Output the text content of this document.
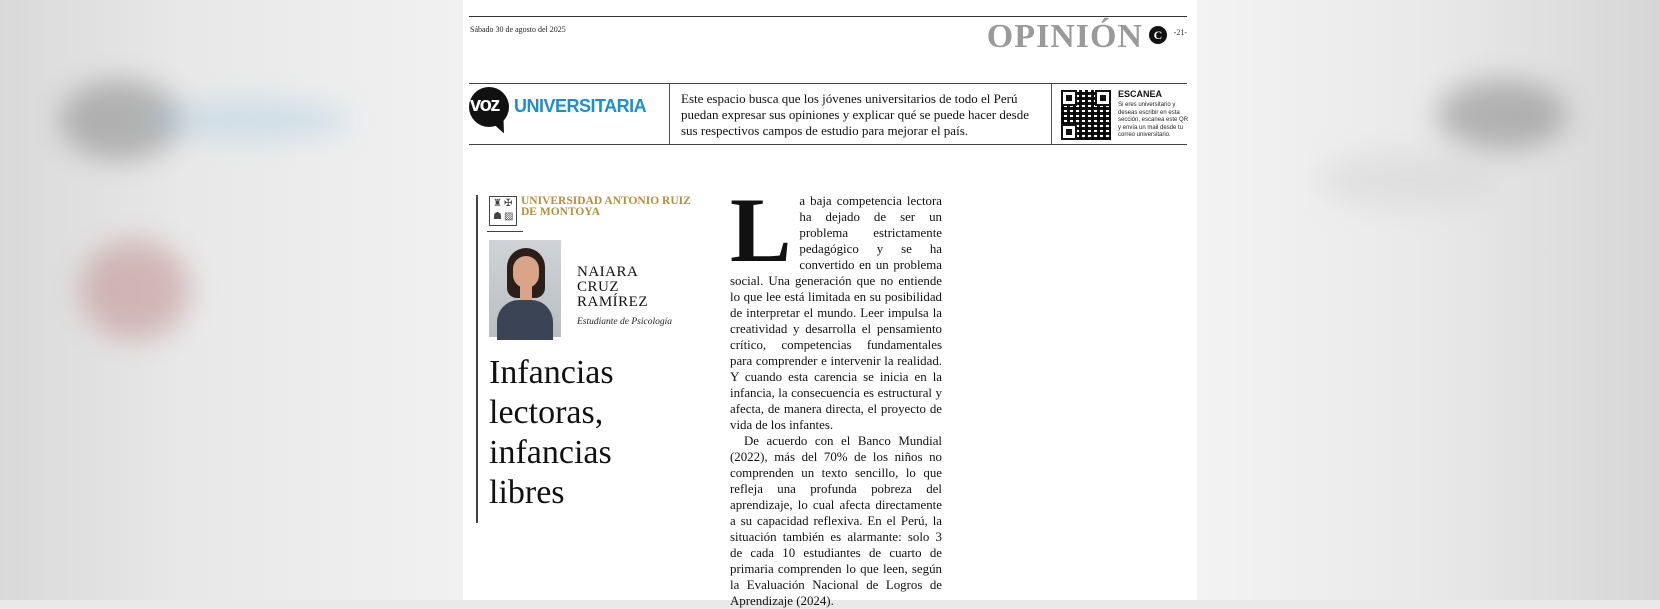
Sábado 30 de agosto del 2025	OPINIÓN C	-21-
voz UNIVERSITARIA	Este espacio busca que los jóvenes universitarios de todo el Perú puedan expresar sus opiniones y explicar qué se puede hacer desde sus respectivos campos de estudio para mejorar el país.
ESCANEA
Si eres universitario y deseas escribir en esta sección, escanea este QR y envía un mail desde tu correo universitario.
♜ ✠
☗ ▨
UNIVERSIDAD ANTONIO RUIZ DE MONTOYA
NAIARA
CRUZ
RAMÍREZ
Estudiante de Psicología
Infancias lectoras, infancias libres

La baja competencia lectora ha dejado de ser un problema estrictamente pedagógico y se ha convertido en un problema social. Una generación que no entiende lo que lee está limitada en su posibilidad de interpretar el mundo. Leer impulsa la creatividad y desarrolla el pensamiento crítico, competencias fundamentales para comprender e intervenir la realidad. Y cuando esta carencia se inicia en la infancia, la consecuencia es estructural y afecta, de manera directa, el proyecto de vida de los infantes.

De acuerdo con el Banco Mundial (2022), más del 70% de los niños no comprenden un texto sencillo, lo que refleja una profunda pobreza del aprendizaje, lo cual afecta directamente a su capacidad reflexiva. En el Perú, la situación también es alarmante: solo 3 de cada 10 estudiantes de cuarto de primaria comprenden lo que leen, según la Evaluación Nacional de Logros de Aprendizaje (2024).
